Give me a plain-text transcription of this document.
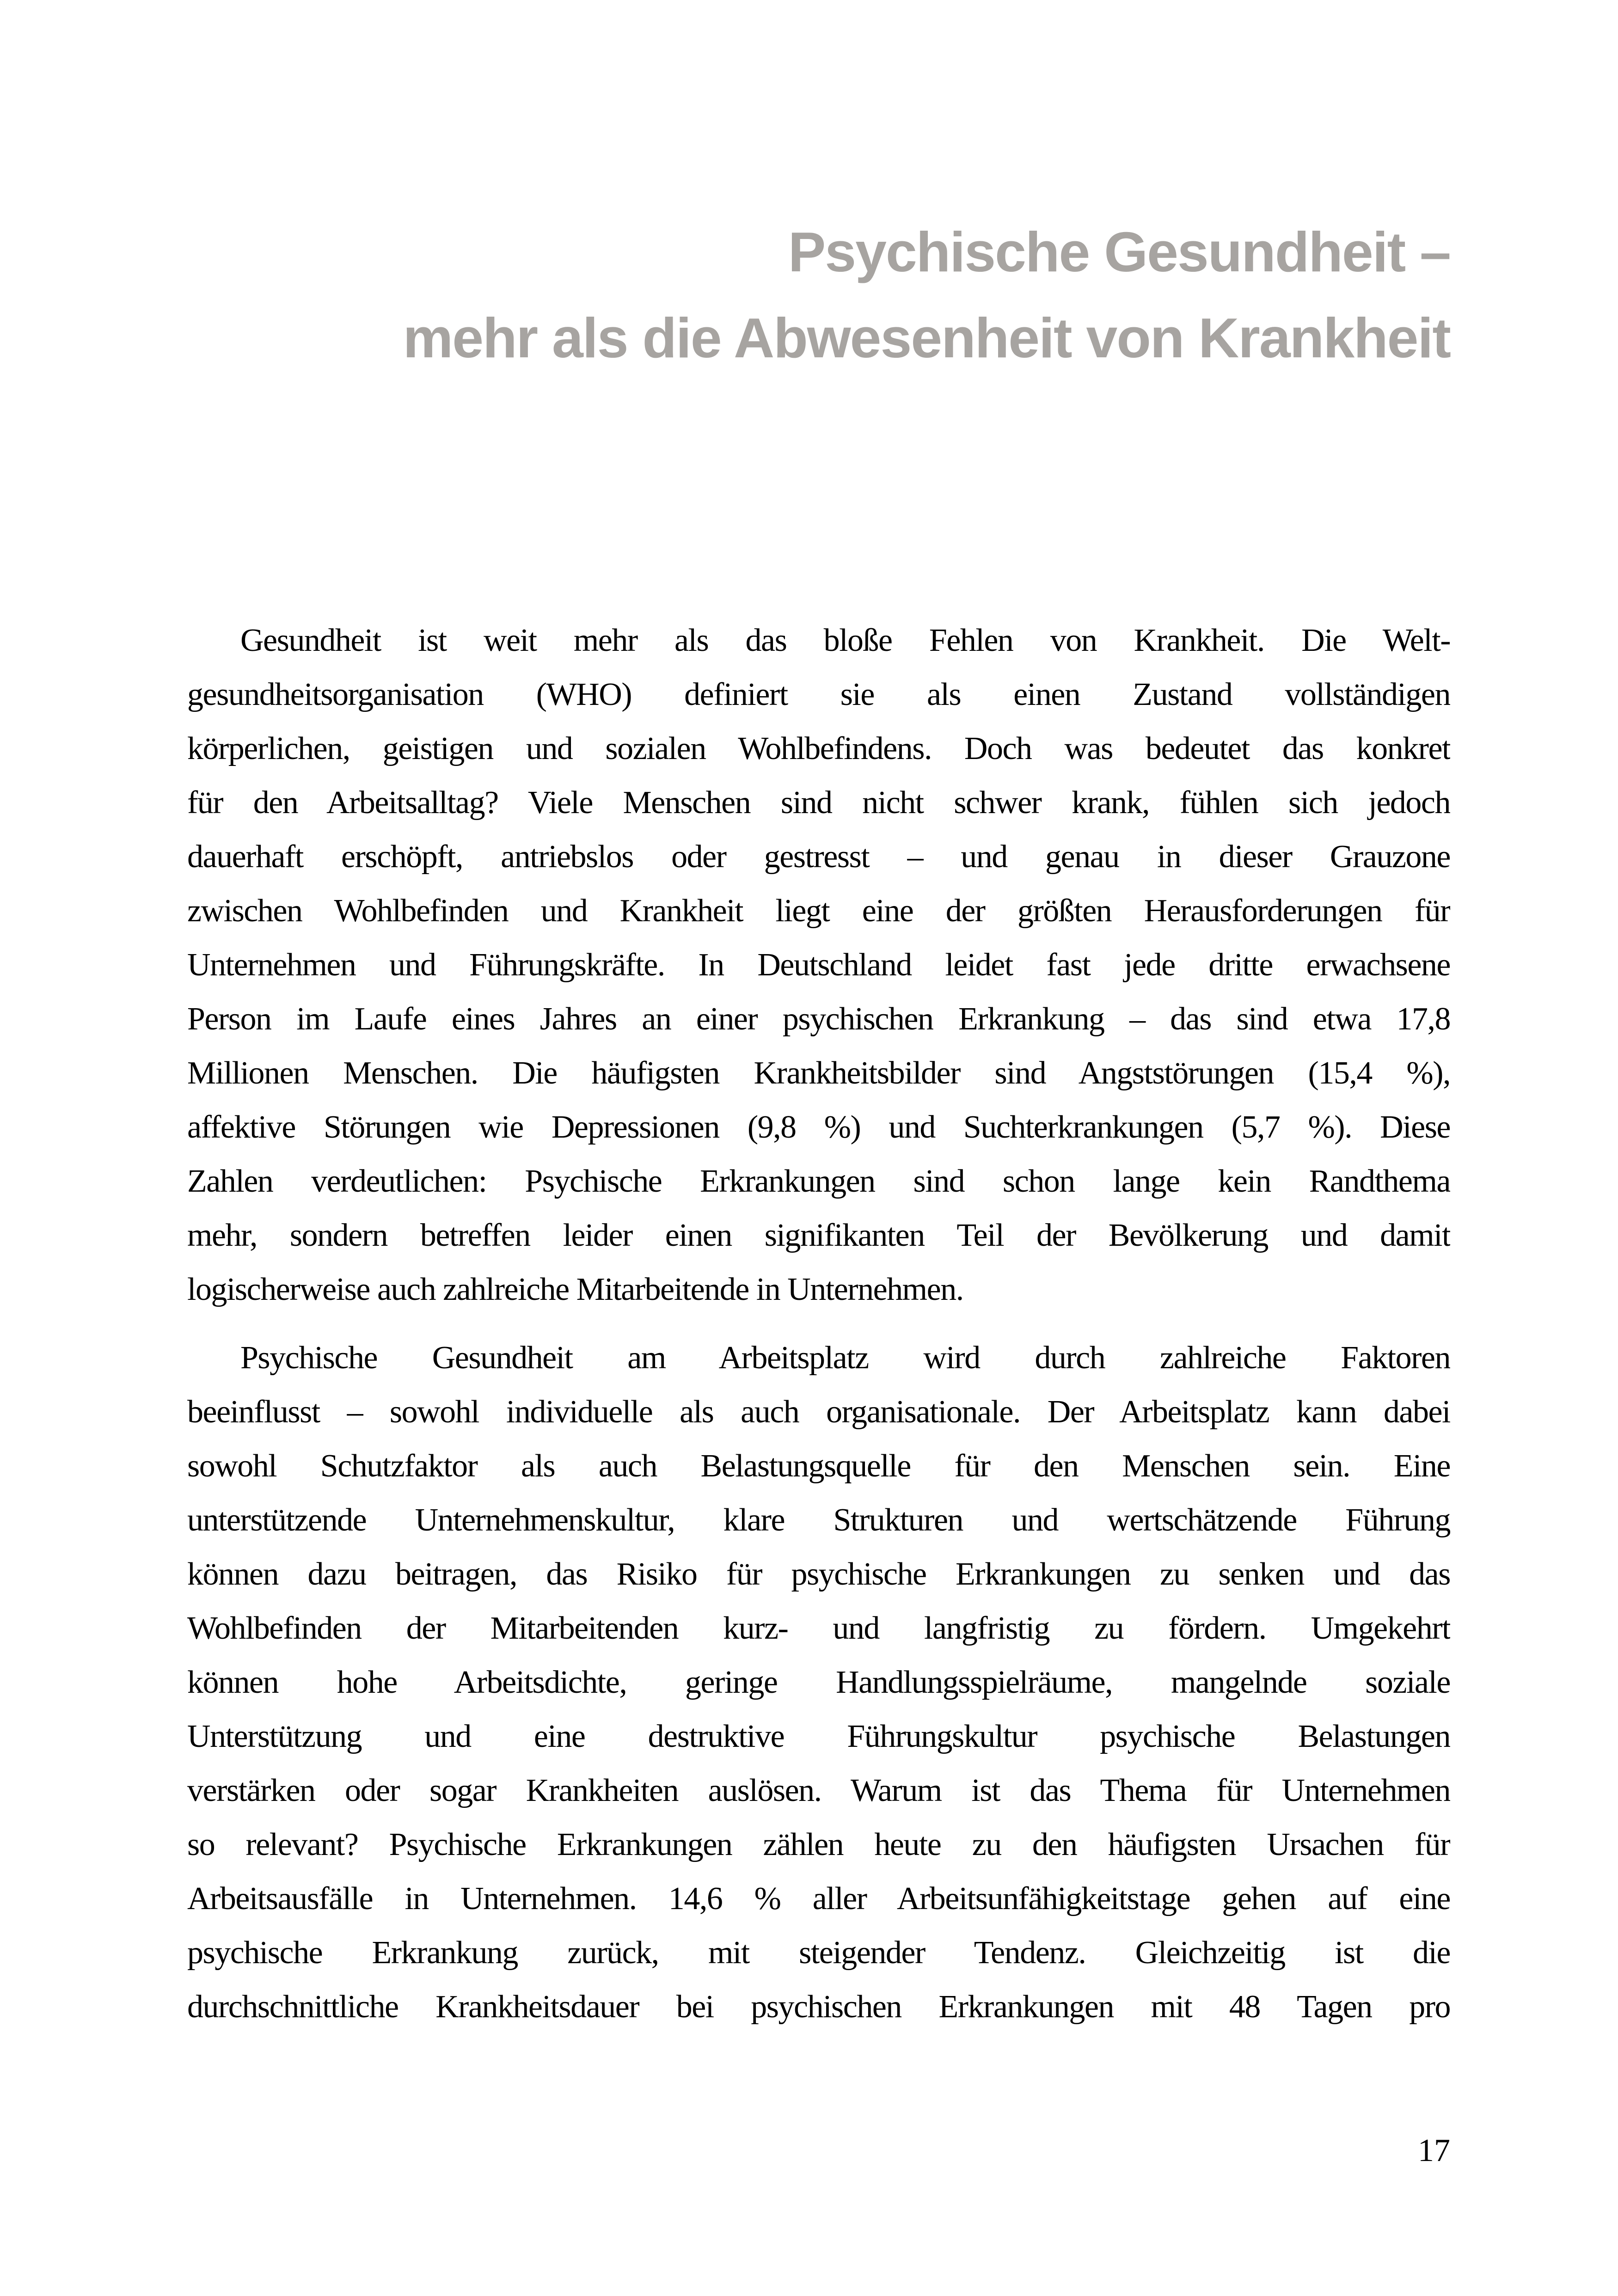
Psychische Gesundheit –
mehr als die Abwesenheit von Krankheit
Gesundheit ist weit mehr als das bloße Fehlen von Krankheit. Die Welt-
gesundheitsorganisation (WHO) definiert sie als einen Zustand vollständigen
körperlichen, geistigen und sozialen Wohlbefindens. Doch was bedeutet das konkret
für den Arbeitsalltag? Viele Menschen sind nicht schwer krank, fühlen sich jedoch
dauerhaft erschöpft, antriebslos oder gestresst – und genau in dieser Grauzone
zwischen Wohlbefinden und Krankheit liegt eine der größten Herausforderungen für
Unternehmen und Führungskräfte. In Deutschland leidet fast jede dritte erwachsene
Person im Laufe eines Jahres an einer psychischen Erkrankung – das sind etwa 17,8
Millionen Menschen. Die häufigsten Krankheitsbilder sind Angststörungen (15,4 %),
affektive Störungen wie Depressionen (9,8 %) und Suchterkrankungen (5,7 %). Diese
Zahlen verdeutlichen: Psychische Erkrankungen sind schon lange kein Randthema
mehr, sondern betreffen leider einen signifikanten Teil der Bevölkerung und damit
logischerweise auch zahlreiche Mitarbeitende in Unternehmen.
Psychische Gesundheit am Arbeitsplatz wird durch zahlreiche Faktoren
beeinflusst – sowohl individuelle als auch organisationale. Der Arbeitsplatz kann dabei
sowohl Schutzfaktor als auch Belastungsquelle für den Menschen sein. Eine
unterstützende Unternehmenskultur, klare Strukturen und wertschätzende Führung
können dazu beitragen, das Risiko für psychische Erkrankungen zu senken und das
Wohlbefinden der Mitarbeitenden kurz- und langfristig zu fördern. Umgekehrt
können hohe Arbeitsdichte, geringe Handlungsspielräume, mangelnde soziale
Unterstützung und eine destruktive Führungskultur psychische Belastungen
verstärken oder sogar Krankheiten auslösen. Warum ist das Thema für Unternehmen
so relevant? Psychische Erkrankungen zählen heute zu den häufigsten Ursachen für
Arbeitsausfälle in Unternehmen. 14,6 % aller Arbeitsunfähigkeitstage gehen auf eine
psychische Erkrankung zurück, mit steigender Tendenz. Gleichzeitig ist die
durchschnittliche Krankheitsdauer bei psychischen Erkrankungen mit 48 Tagen pro
17
